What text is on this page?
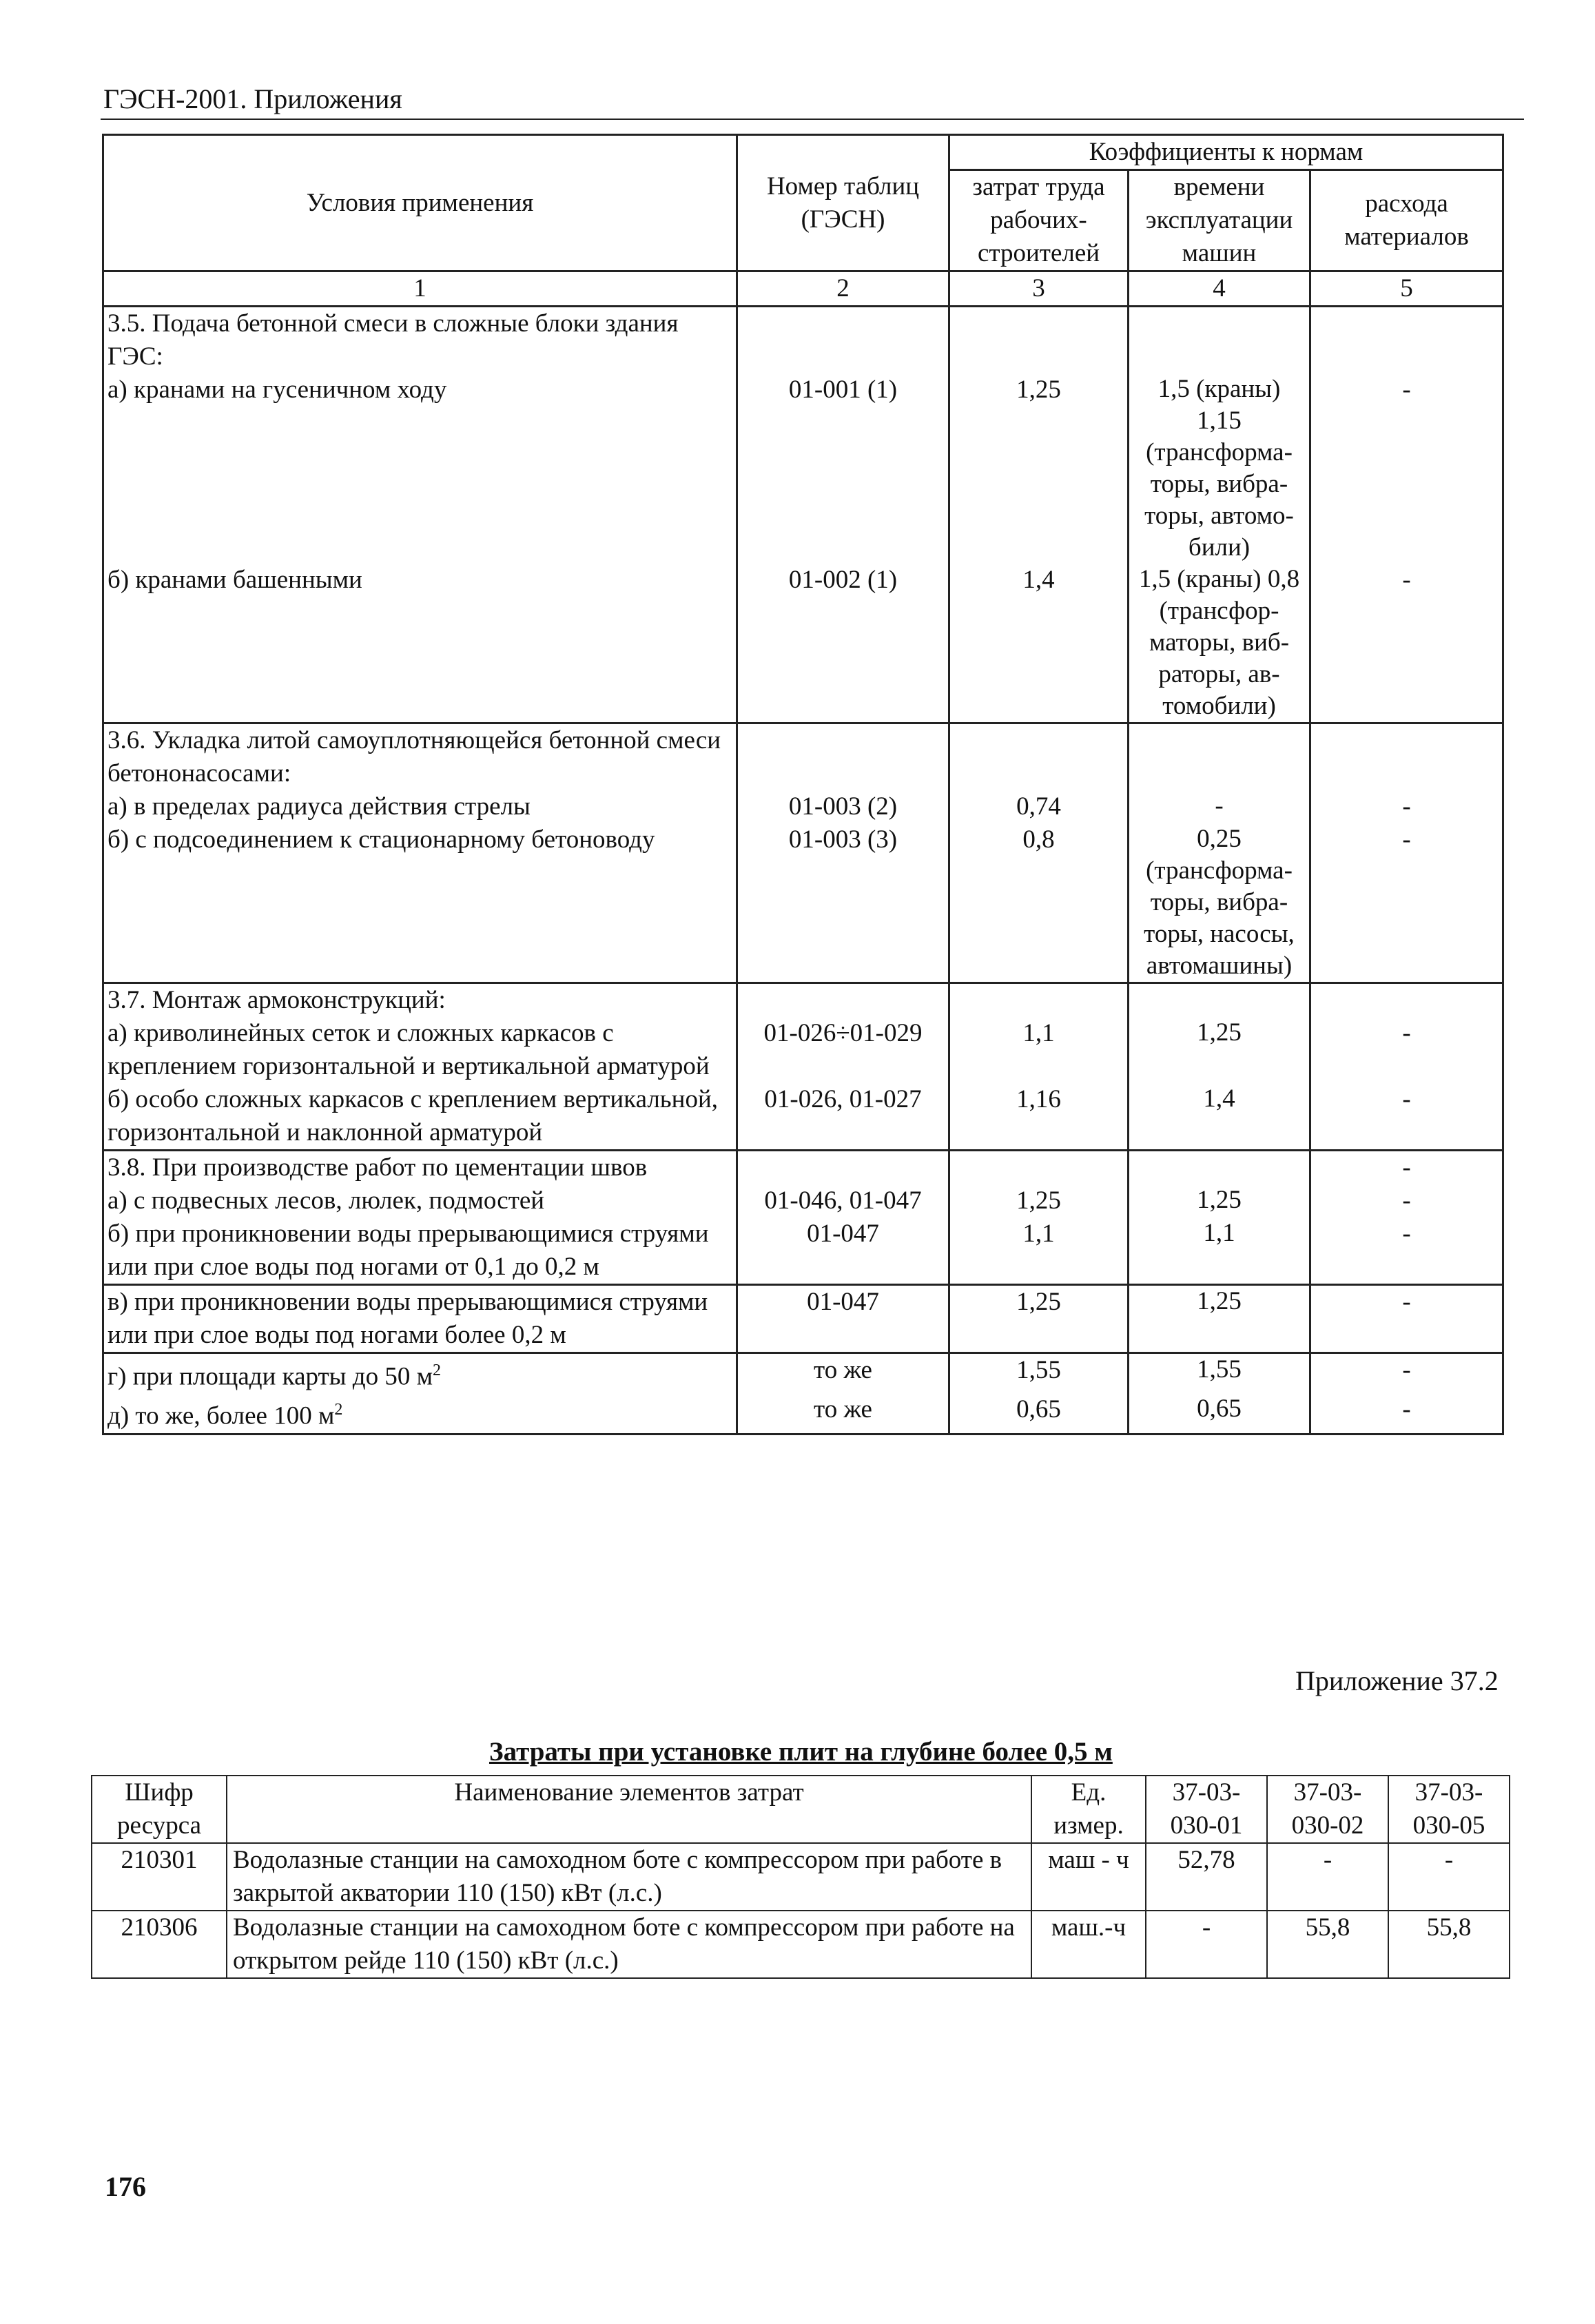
ГЭСН-2001. Приложения
Условия применения	Номер таблиц (ГЭСН)	Коэффициенты к нормам		
		затрат труда рабочих-строителей	времени эксплуатации машин	расхода материалов
1	2	3	4	5
3.5. Подача бетонной смеси в сложные блоки здания ГЭС:				
а) кранами на гусеничном ходу	01-001 (1)	1,25	1,5 (краны) 1,15 (трансформа-торы, вибра-торы, автомо-били)	-
б) кранами башенными	01-002 (1)	1,4	1,5 (краны) 0,8 (трансфор-маторы, виб-раторы, ав-томобили)	-
3.6. Укладка литой самоуплотняющейся бетонной смеси бетононасосами:				
а) в пределах радиуса действия стрелы	01-003 (2)	0,74	-	-
б) с подсоединением к стационарному бетоноводу	01-003 (3)	0,8	0,25 (трансформа-торы, вибра-торы, насосы, автомашины)	-
3.7. Монтаж армоконструкций:				
а) криволинейных сеток и сложных каркасов с креплением горизонтальной и вертикальной арматурой	01-026÷01-029	1,1	1,25	-
б) особо сложных каркасов с креплением вертикальной, горизонтальной и наклонной арматурой	01-026, 01-027	1,16	1,4	-
3.8. При производстве работ по цементации швов				-
а) с подвесных лесов, люлек, подмостей	01-046, 01-047	1,25	1,25	-
б) при проникновении воды прерывающимися струями или при слое воды под ногами от 0,1 до 0,2 м	01-047	1,1	1,1	-
в) при проникновении воды прерывающимися струями или при слое воды под ногами более 0,2 м	01-047	1,25	1,25	-
г) при площади карты до 50 $м^2$	то же	1,55	1,55	-
д) то же, более 100 $м^2$	то же	0,65	0,65	-
Приложение 37.2
Затраты при установке плит на глубине более 0,5 м
Шифр ресурса	Наименование элементов затрат	Ед. измер.	37-03-030-01	37-03-030-02	37-03-030-05
210301	Водолазные станции на самоходном боте с компрессором при работе в закрытой акватории 110 (150) кВт (л.с.)	маш - ч	52,78	-	-
210306	Водолазные станции на самоходном боте с компрессором при работе на открытом рейде 110 (150) кВт (л.с.)	маш.-ч	-	55,8	55,8
176
